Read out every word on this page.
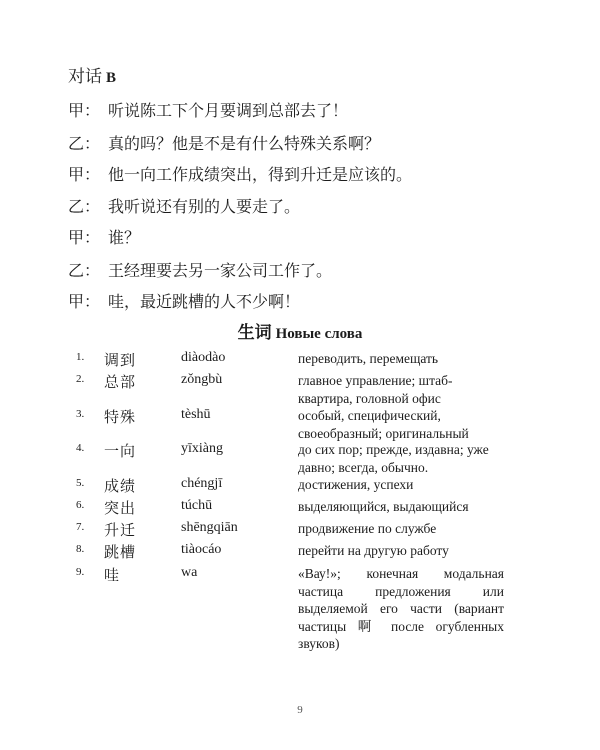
对话 В
甲： 听说陈工下个月要调到总部去了！
乙： 真的吗？他是不是有什么特殊关系啊？
甲： 他一向工作成绩突出，得到升迁是应该的。
乙： 我听说还有别的人要走了。
甲： 谁？
乙： 王经理要去另一家公司工作了。
甲： 哇，最近跳槽的人不少啊！
生词 Новые слова
1. 调到	diàodào	переводить, перемещать
2. 总部	zǒngbù	главное управление; штаб-квартира, головной офис
3. 特殊	tèshū	особый, специфический, своеобразный; оригинальный
4. 一向	yīxiàng	до сих пор; прежде, издавна; уже давно; всегда, обычно.
5. 成绩	chéngjī	достижения, успехи
6. 突出	túchū	выделяющийся, выдающийся
7. 升迁	shēngqiān	продвижение по службе
8. 跳槽	tiàocáo	перейти на другую работу
9. 哇	wa	«Вау!»; конечная модальная частица предложения или выделяемой его части (вариант частицы 啊 после огубленных звуков)
9
